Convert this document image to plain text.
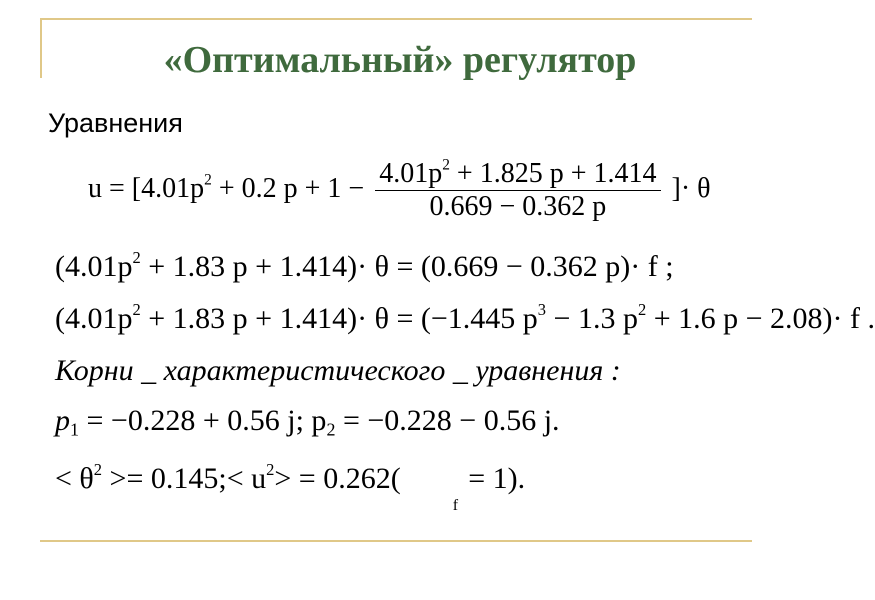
«Оптимальный» регулятор
Уравнения
$u = [4.01p^2 + 0.2$ $p + 1 - \frac{4.01p^2 + 1.825 p + 1.414}{0.669 - 0.362 p}$ ]· θ
($4.01p^2 + 1.83$ p + 1.414)· θ = (0.669 − 0.362 p)· f ;
($4.01p^2 + 1.83$ p + 1.414)· θ = (−1.445 $p^3 - 1.3$ $p^2 + 1.6$ p − 2.08)· f .
Корни _ характеристического _ уравнения :
$p_1 = -0.228 + 0.56$ j; $p_2 = -0.228 - 0.56$ j.
< $\theta^2$ >= 0.145;< $u^2> = 0.262$(
f
= 1).
